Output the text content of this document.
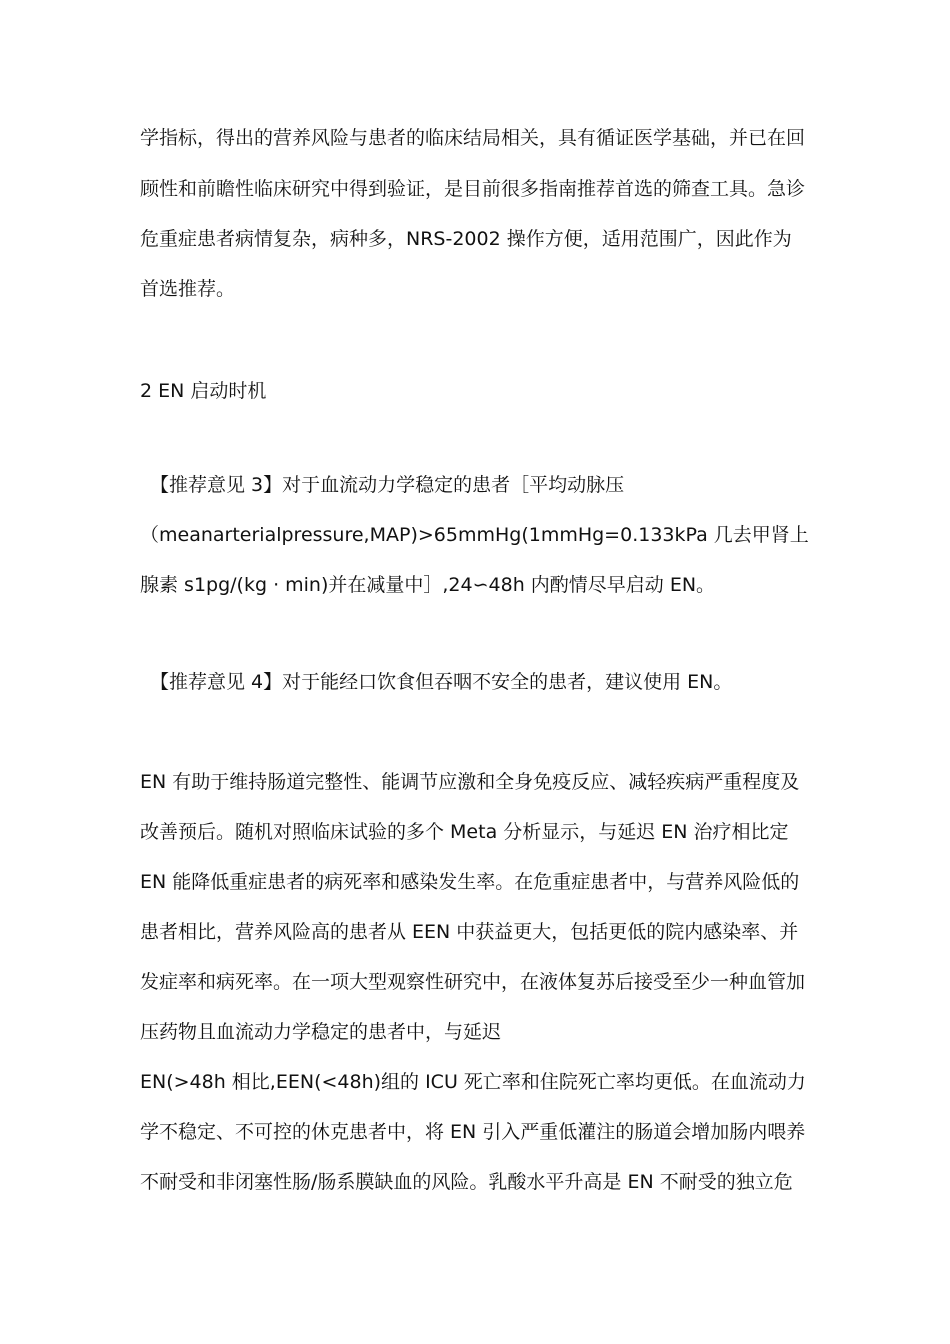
学指标，得出的营养风险与患者的临床结局相关，具有循证医学基础，并已在回
顾性和前瞻性临床研究中得到验证，是目前很多指南推荐首选的筛查工具。急诊
危重症患者病情复杂，病种多，NRS-2002 操作方便，适用范围广，因此作为
首选推荐。
2 EN 启动时机
【推荐意见 3】对于血流动力学稳定的患者［平均动脉压
（meanarterialpressure,MAP)>65mmHg(1mmHg=0.133kPa 几去甲肾上
腺素 s1pg/(kg · min)并在减量中］,24∽48h 内酌情尽早启动 EN。
【推荐意见 4】对于能经口饮食但吞咽不安全的患者，建议使用 EN。
EN 有助于维持肠道完整性、能调节应激和全身免疫反应、减轻疾病严重程度及
改善预后。随机对照临床试验的多个 Meta 分析显示，与延迟 EN 治疗相比定
EN 能降低重症患者的病死率和感染发生率。在危重症患者中，与营养风险低的
患者相比，营养风险高的患者从 EEN 中获益更大，包括更低的院内感染率、并
发症率和病死率。在一项大型观察性研究中，在液体复苏后接受至少一种血管加
压药物且血流动力学稳定的患者中，与延迟
EN(>48h 相比,EEN(<48h)组的 ICU 死亡率和住院死亡率均更低。在血流动力
学不稳定、不可控的休克患者中，将 EN 引入严重低灌注的肠道会增加肠内喂养
不耐受和非闭塞性肠/肠系膜缺血的风险。乳酸水平升高是 EN 不耐受的独立危
